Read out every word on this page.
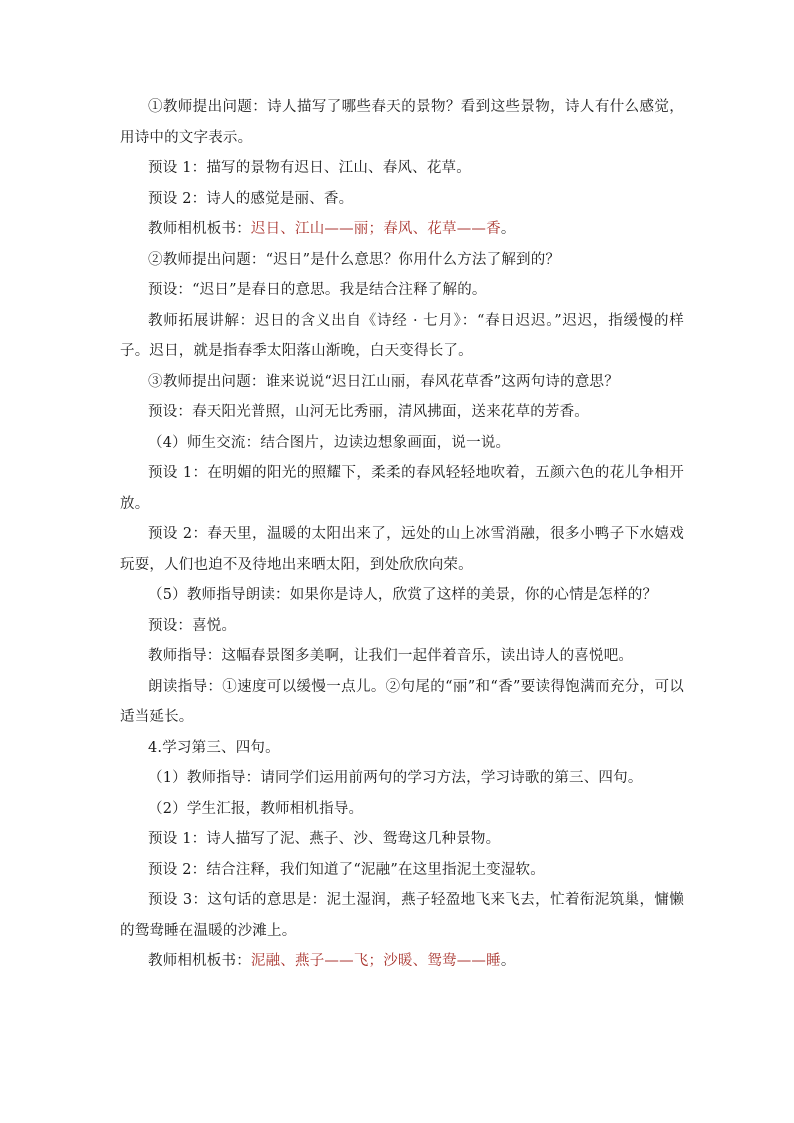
①教师提出问题：诗人描写了哪些春天的景物？看到这些景物，诗人有什么感觉，用诗中的文字表示。

预设 1：描写的景物有迟日、江山、春风、花草。

预设 2：诗人的感觉是丽、香。

教师相机板书：迟日、江山——丽；春风、花草——香。

②教师提出问题：“迟日”是什么意思？你用什么方法了解到的？

预设：“迟日”是春日的意思。我是结合注释了解的。

教师拓展讲解：迟日的含义出自《诗经 · 七月》：“春日迟迟。”迟迟，指缓慢的样子。迟日，就是指春季太阳落山渐晚，白天变得长了。

③教师提出问题：谁来说说“迟日江山丽，春风花草香”这两句诗的意思？

预设：春天阳光普照，山河无比秀丽，清风拂面，送来花草的芳香。

（4）师生交流：结合图片，边读边想象画面，说一说。

预设 1：在明媚的阳光的照耀下，柔柔的春风轻轻地吹着，五颜六色的花儿争相开放。

预设 2：春天里，温暖的太阳出来了，远处的山上冰雪消融，很多小鸭子下水嬉戏玩耍，人们也迫不及待地出来晒太阳，到处欣欣向荣。

（5）教师指导朗读：如果你是诗人，欣赏了这样的美景，你的心情是怎样的？

预设：喜悦。

教师指导：这幅春景图多美啊，让我们一起伴着音乐，读出诗人的喜悦吧。

朗读指导：①速度可以缓慢一点儿。②句尾的“丽”和“香”要读得饱满而充分，可以适当延长。

4.学习第三、四句。

（1）教师指导：请同学们运用前两句的学习方法，学习诗歌的第三、四句。

（2）学生汇报，教师相机指导。

预设 1：诗人描写了泥、燕子、沙、鸳鸯这几种景物。

预设 2：结合注释，我们知道了“泥融”在这里指泥土变湿软。

预设 3：这句话的意思是：泥土湿润，燕子轻盈地飞来飞去，忙着衔泥筑巢，慵懒的鸳鸯睡在温暖的沙滩上。

教师相机板书：泥融、燕子——飞；沙暖、鸳鸯——睡。
